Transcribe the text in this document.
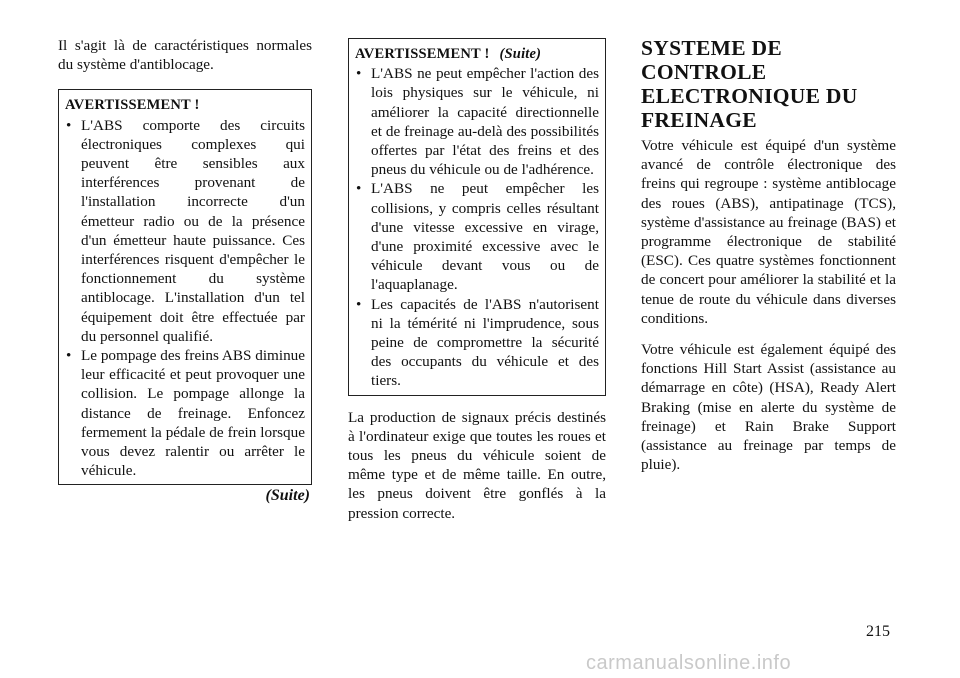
Il s'agit là de caractéristiques normales du système d'antiblocage.

AVERTISSEMENT !
• L'ABS comporte des circuits électroniques complexes qui peuvent être sensibles aux interférences provenant de l'installation incorrecte d'un émetteur radio ou de la présence d'un émetteur haute puissance. Ces interférences risquent d'empêcher le fonctionnement du système antiblocage. L'installation d'un tel équipement doit être effectuée par du personnel qualifié.
• Le pompage des freins ABS diminue leur efficacité et peut provoquer une collision. Le pompage allonge la distance de freinage. Enfoncez fermement la pédale de frein lorsque vous devez ralentir ou arrêter le véhicule.
(Suite)
AVERTISSEMENT ! (Suite)
• L'ABS ne peut empêcher l'action des lois physiques sur le véhicule, ni améliorer la capacité directionnelle et de freinage au-delà des possibilités offertes par l'état des freins et des pneus du véhicule ou de l'adhérence.
• L'ABS ne peut empêcher les collisions, y compris celles résultant d'une vitesse excessive en virage, d'une proximité excessive avec le véhicule devant vous ou de l'aquaplanage.
• Les capacités de l'ABS n'autorisent ni la témérité ni l'imprudence, sous peine de compromettre la sécurité des occupants du véhicule et des tiers.

La production de signaux précis destinés à l'ordinateur exige que toutes les roues et tous les pneus du véhicule soient de même type et de même taille. En outre, les pneus doivent être gonflés à la pression correcte.

SYSTEME DE CONTROLE ELECTRONIQUE DU FREINAGE

Votre véhicule est équipé d'un système avancé de contrôle électronique des freins qui regroupe : système antiblocage des roues (ABS), antipatinage (TCS), système d'assistance au freinage (BAS) et programme électronique de stabilité (ESC). Ces quatre systèmes fonctionnent de concert pour améliorer la stabilité et la tenue de route du véhicule dans diverses conditions.

Votre véhicule est également équipé des fonctions Hill Start Assist (assistance au démarrage en côte) (HSA), Ready Alert Braking (mise en alerte du système de freinage) et Rain Brake Support (assistance au freinage par temps de pluie).

215
carmanualsonline.info
